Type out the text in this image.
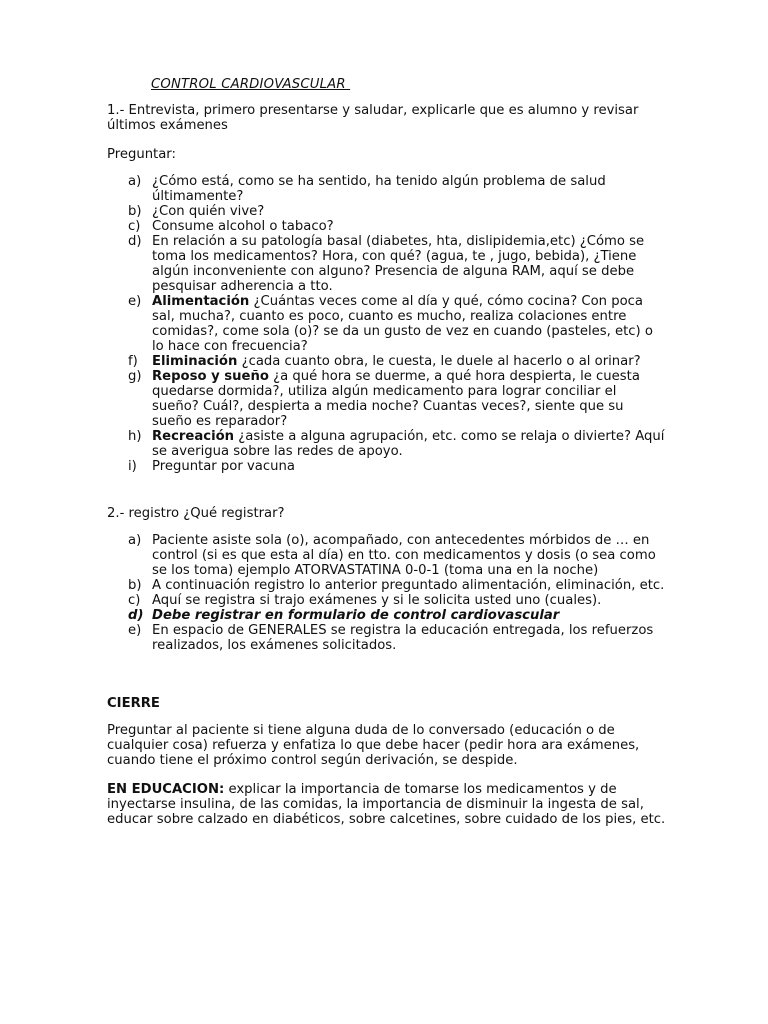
CONTROL CARDIOVASCULAR

1.- Entrevista, primero presentarse y saludar, explicarle que es alumno y revisar últimos exámenes

Preguntar:

a) ¿Cómo está, como se ha sentido, ha tenido algún problema de salud últimamente?
b) ¿Con quién vive?
c) Consume alcohol o tabaco?
d) En relación a su patología basal (diabetes, hta, dislipidemia,etc) ¿Cómo se toma los medicamentos? Hora, con qué? (agua, te , jugo, bebida), ¿Tiene algún inconveniente con alguno? Presencia de alguna RAM, aquí se debe pesquisar adherencia a tto.
e) Alimentación ¿Cuántas veces come al día y qué, cómo cocina? Con poca sal, mucha?, cuanto es poco, cuanto es mucho, realiza colaciones entre comidas?, come sola (o)? se da un gusto de vez en cuando (pasteles, etc) o lo hace con frecuencia?
f) Eliminación ¿cada cuanto obra, le cuesta, le duele al hacerlo o al orinar?
g) Reposo y sueño ¿a qué hora se duerme, a qué hora despierta, le cuesta quedarse dormida?, utiliza algún medicamento para lograr conciliar el sueño? Cuál?, despierta a media noche? Cuantas veces?, siente que su sueño es reparador?
h) Recreación ¿asiste a alguna agrupación, etc. como se relaja o divierte? Aquí se averigua sobre las redes de apoyo.
i) Preguntar por vacuna

2.- registro ¿Qué registrar?

a) Paciente asiste sola (o), acompañado, con antecedentes mórbidos de … en control (si es que esta al día) en tto. con medicamentos y dosis (o sea como se los toma) ejemplo ATORVASTATINA 0-0-1 (toma una en la noche)
b) A continuación registro lo anterior preguntado alimentación, eliminación, etc.
c) Aquí se registra si trajo exámenes y si le solicita usted uno (cuales).
d) Debe registrar en formulario de control cardiovascular
e) En espacio de GENERALES se registra la educación entregada, los refuerzos realizados, los exámenes solicitados.

CIERRE

Preguntar al paciente si tiene alguna duda de lo conversado (educación o de cualquier cosa) refuerza y enfatiza lo que debe hacer (pedir hora ara exámenes, cuando tiene el próximo control según derivación, se despide.

EN EDUCACION: explicar la importancia de tomarse los medicamentos y de inyectarse insulina, de las comidas, la importancia de disminuir la ingesta de sal, educar sobre calzado en diabéticos, sobre calcetines, sobre cuidado de los pies, etc.
